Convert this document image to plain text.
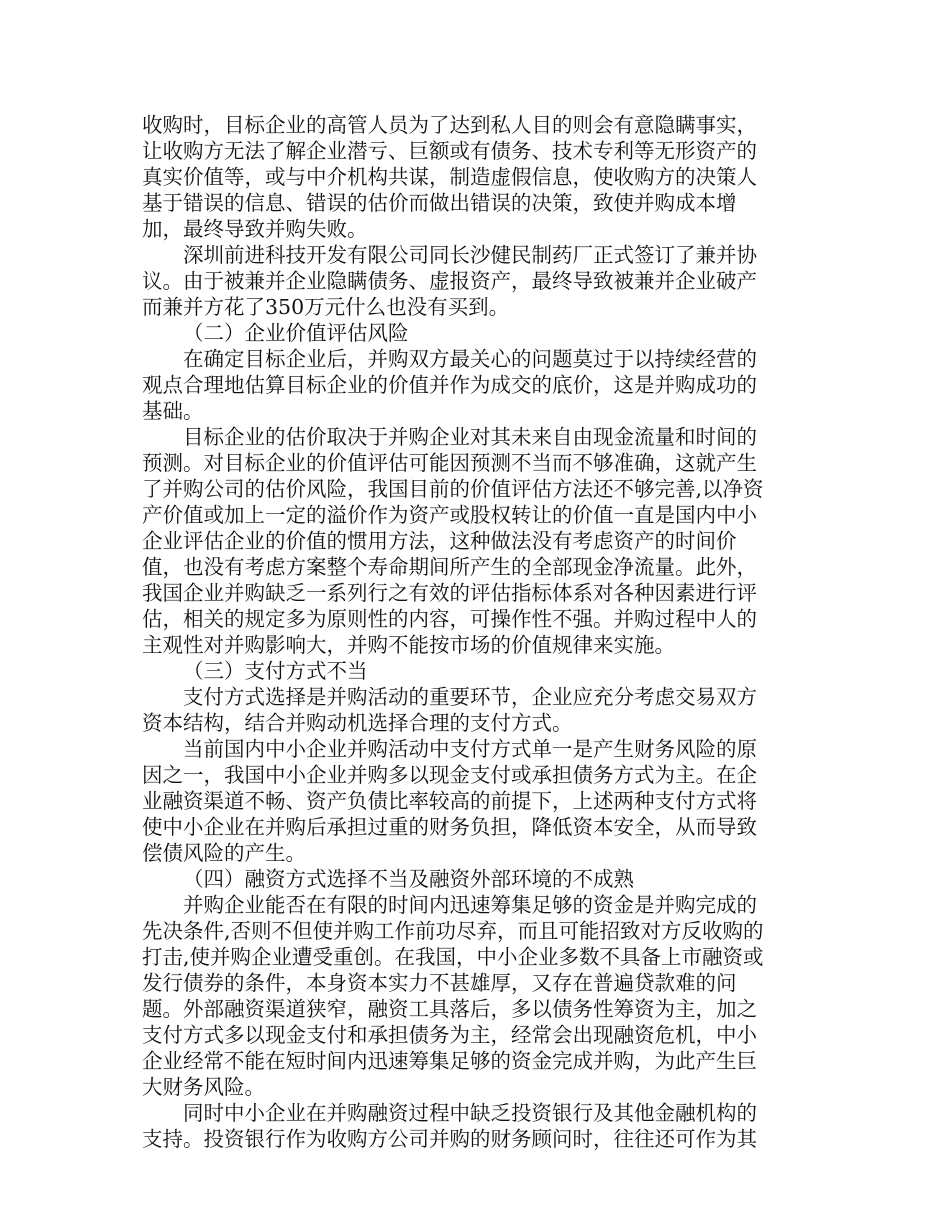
收购时，目标企业的高管人员为了达到私人目的则会有意隐瞒事实，
让收购方无法了解企业潜亏、巨额或有债务、技术专利等无形资产的
真实价值等，或与中介机构共谋，制造虚假信息，使收购方的决策人
基于错误的信息、错误的估价而做出错误的决策，致使并购成本增
加，最终导致并购失败。
深圳前进科技开发有限公司同长沙健民制药厂正式签订了兼并协
议。由于被兼并企业隐瞒债务、虚报资产，最终导致被兼并企业破产
而兼并方花了350万元什么也没有买到。
（二）企业价值评估风险
在确定目标企业后，并购双方最关心的问题莫过于以持续经营的
观点合理地估算目标企业的价值并作为成交的底价，这是并购成功的
基础。
目标企业的估价取决于并购企业对其未来自由现金流量和时间的
预测。对目标企业的价值评估可能因预测不当而不够准确，这就产生
了并购公司的估价风险，我国目前的价值评估方法还不够完善,以净资
产价值或加上一定的溢价作为资产或股权转让的价值一直是国内中小
企业评估企业的价值的惯用方法，这种做法没有考虑资产的时间价
值，也没有考虑方案整个寿命期间所产生的全部现金净流量。此外，
我国企业并购缺乏一系列行之有效的评估指标体系对各种因素进行评
估，相关的规定多为原则性的内容，可操作性不强。并购过程中人的
主观性对并购影响大，并购不能按市场的价值规律来实施。
（三）支付方式不当
支付方式选择是并购活动的重要环节，企业应充分考虑交易双方
资本结构，结合并购动机选择合理的支付方式。
当前国内中小企业并购活动中支付方式单一是产生财务风险的原
因之一，我国中小企业并购多以现金支付或承担债务方式为主。在企
业融资渠道不畅、资产负债比率较高的前提下，上述两种支付方式将
使中小企业在并购后承担过重的财务负担，降低资本安全，从而导致
偿债风险的产生。
（四）融资方式选择不当及融资外部环境的不成熟
并购企业能否在有限的时间内迅速筹集足够的资金是并购完成的
先决条件,否则不但使并购工作前功尽弃，而且可能招致对方反收购的
打击,使并购企业遭受重创。在我国，中小企业多数不具备上市融资或
发行债券的条件，本身资本实力不甚雄厚，又存在普遍贷款难的问
题。外部融资渠道狭窄，融资工具落后，多以债务性筹资为主，加之
支付方式多以现金支付和承担债务为主，经常会出现融资危机，中小
企业经常不能在短时间内迅速筹集足够的资金完成并购，为此产生巨
大财务风险。
同时中小企业在并购融资过程中缺乏投资银行及其他金融机构的
支持。投资银行作为收购方公司并购的财务顾问时，往往还可作为其
